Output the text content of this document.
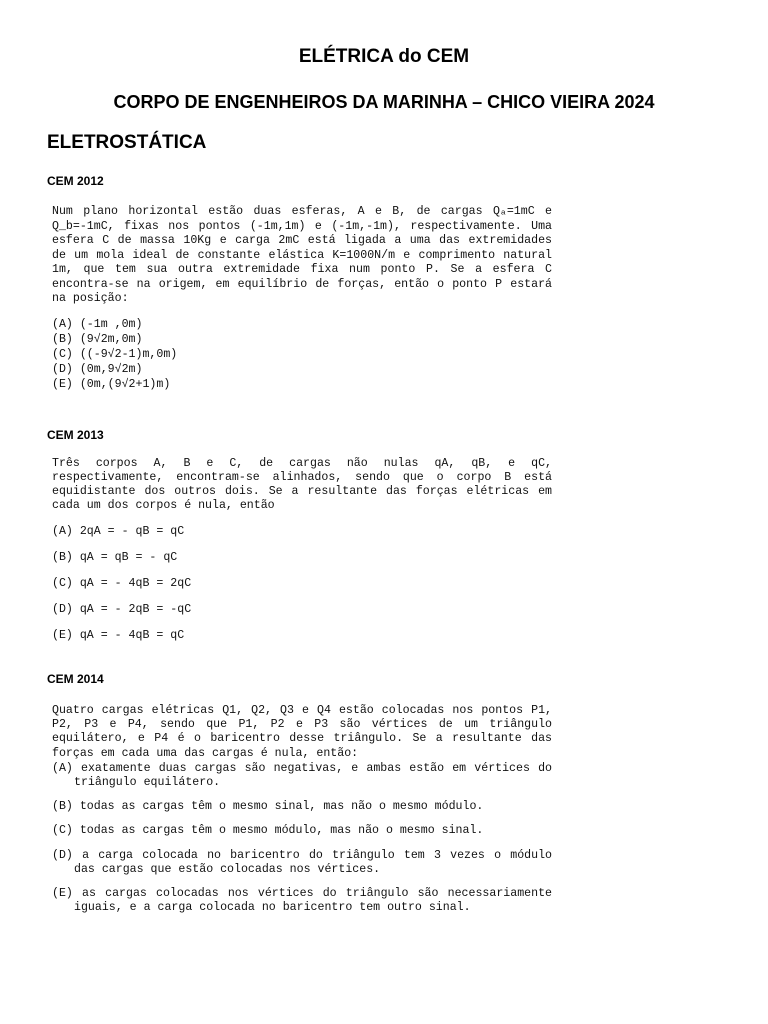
ELÉTRICA do CEM
CORPO DE ENGENHEIROS DA MARINHA – CHICO VIEIRA 2024
ELETROSTÁTICA
CEM 2012

Num plano horizontal estão duas esferas, A e B, de cargas Qₐ=1mC e Q_b=-1mC, fixas nos pontos (-1m,1m) e (-1m,-1m), respectivamente. Uma esfera C de massa 10Kg e carga 2mC está ligada a uma das extremidades de um mola ideal de constante elástica K=1000N/m e comprimento natural 1m, que tem sua outra extremidade fixa num ponto P. Se a esfera C encontra-se na origem, em equilíbrio de forças, então o ponto P estará na posição:

(A) (-1m ,0m)

(B) (9√2m,0m)

(C) ((-9√2-1)m,0m)

(D) (0m,9√2m)

(E) (0m,(9√2+1)m)

CEM 2013

Três corpos A, B e C, de cargas não nulas qA, qB, e qC, respectivamente, encontram-se alinhados, sendo que o corpo B está equidistante dos outros dois. Se a resultante das forças elétricas em cada um dos corpos é nula, então

(A) 2qA = - qB = qC

(B) qA = qB = - qC

(C) qA = - 4qB = 2qC

(D) qA = - 2qB = -qC

(E) qA = - 4qB = qC

CEM 2014

Quatro cargas elétricas Q1, Q2, Q3 e Q4 estão colocadas nos pontos P1, P2, P3 e P4, sendo que P1, P2 e P3 são vértices de um triângulo equilátero, e P4 é o baricentro desse triângulo. Se a resultante das forças em cada uma das cargas é nula, então:

(A) exatamente duas cargas são negativas, e ambas estão em vértices do triângulo equilátero.

(B) todas as cargas têm o mesmo sinal, mas não o mesmo módulo.

(C) todas as cargas têm o mesmo módulo, mas não o mesmo sinal.

(D) a carga colocada no baricentro do triângulo tem 3 vezes o módulo das cargas que estão colocadas nos vértices.

(E) as cargas colocadas nos vértices do triângulo são necessariamente iguais, e a carga colocada no baricentro tem outro sinal.
